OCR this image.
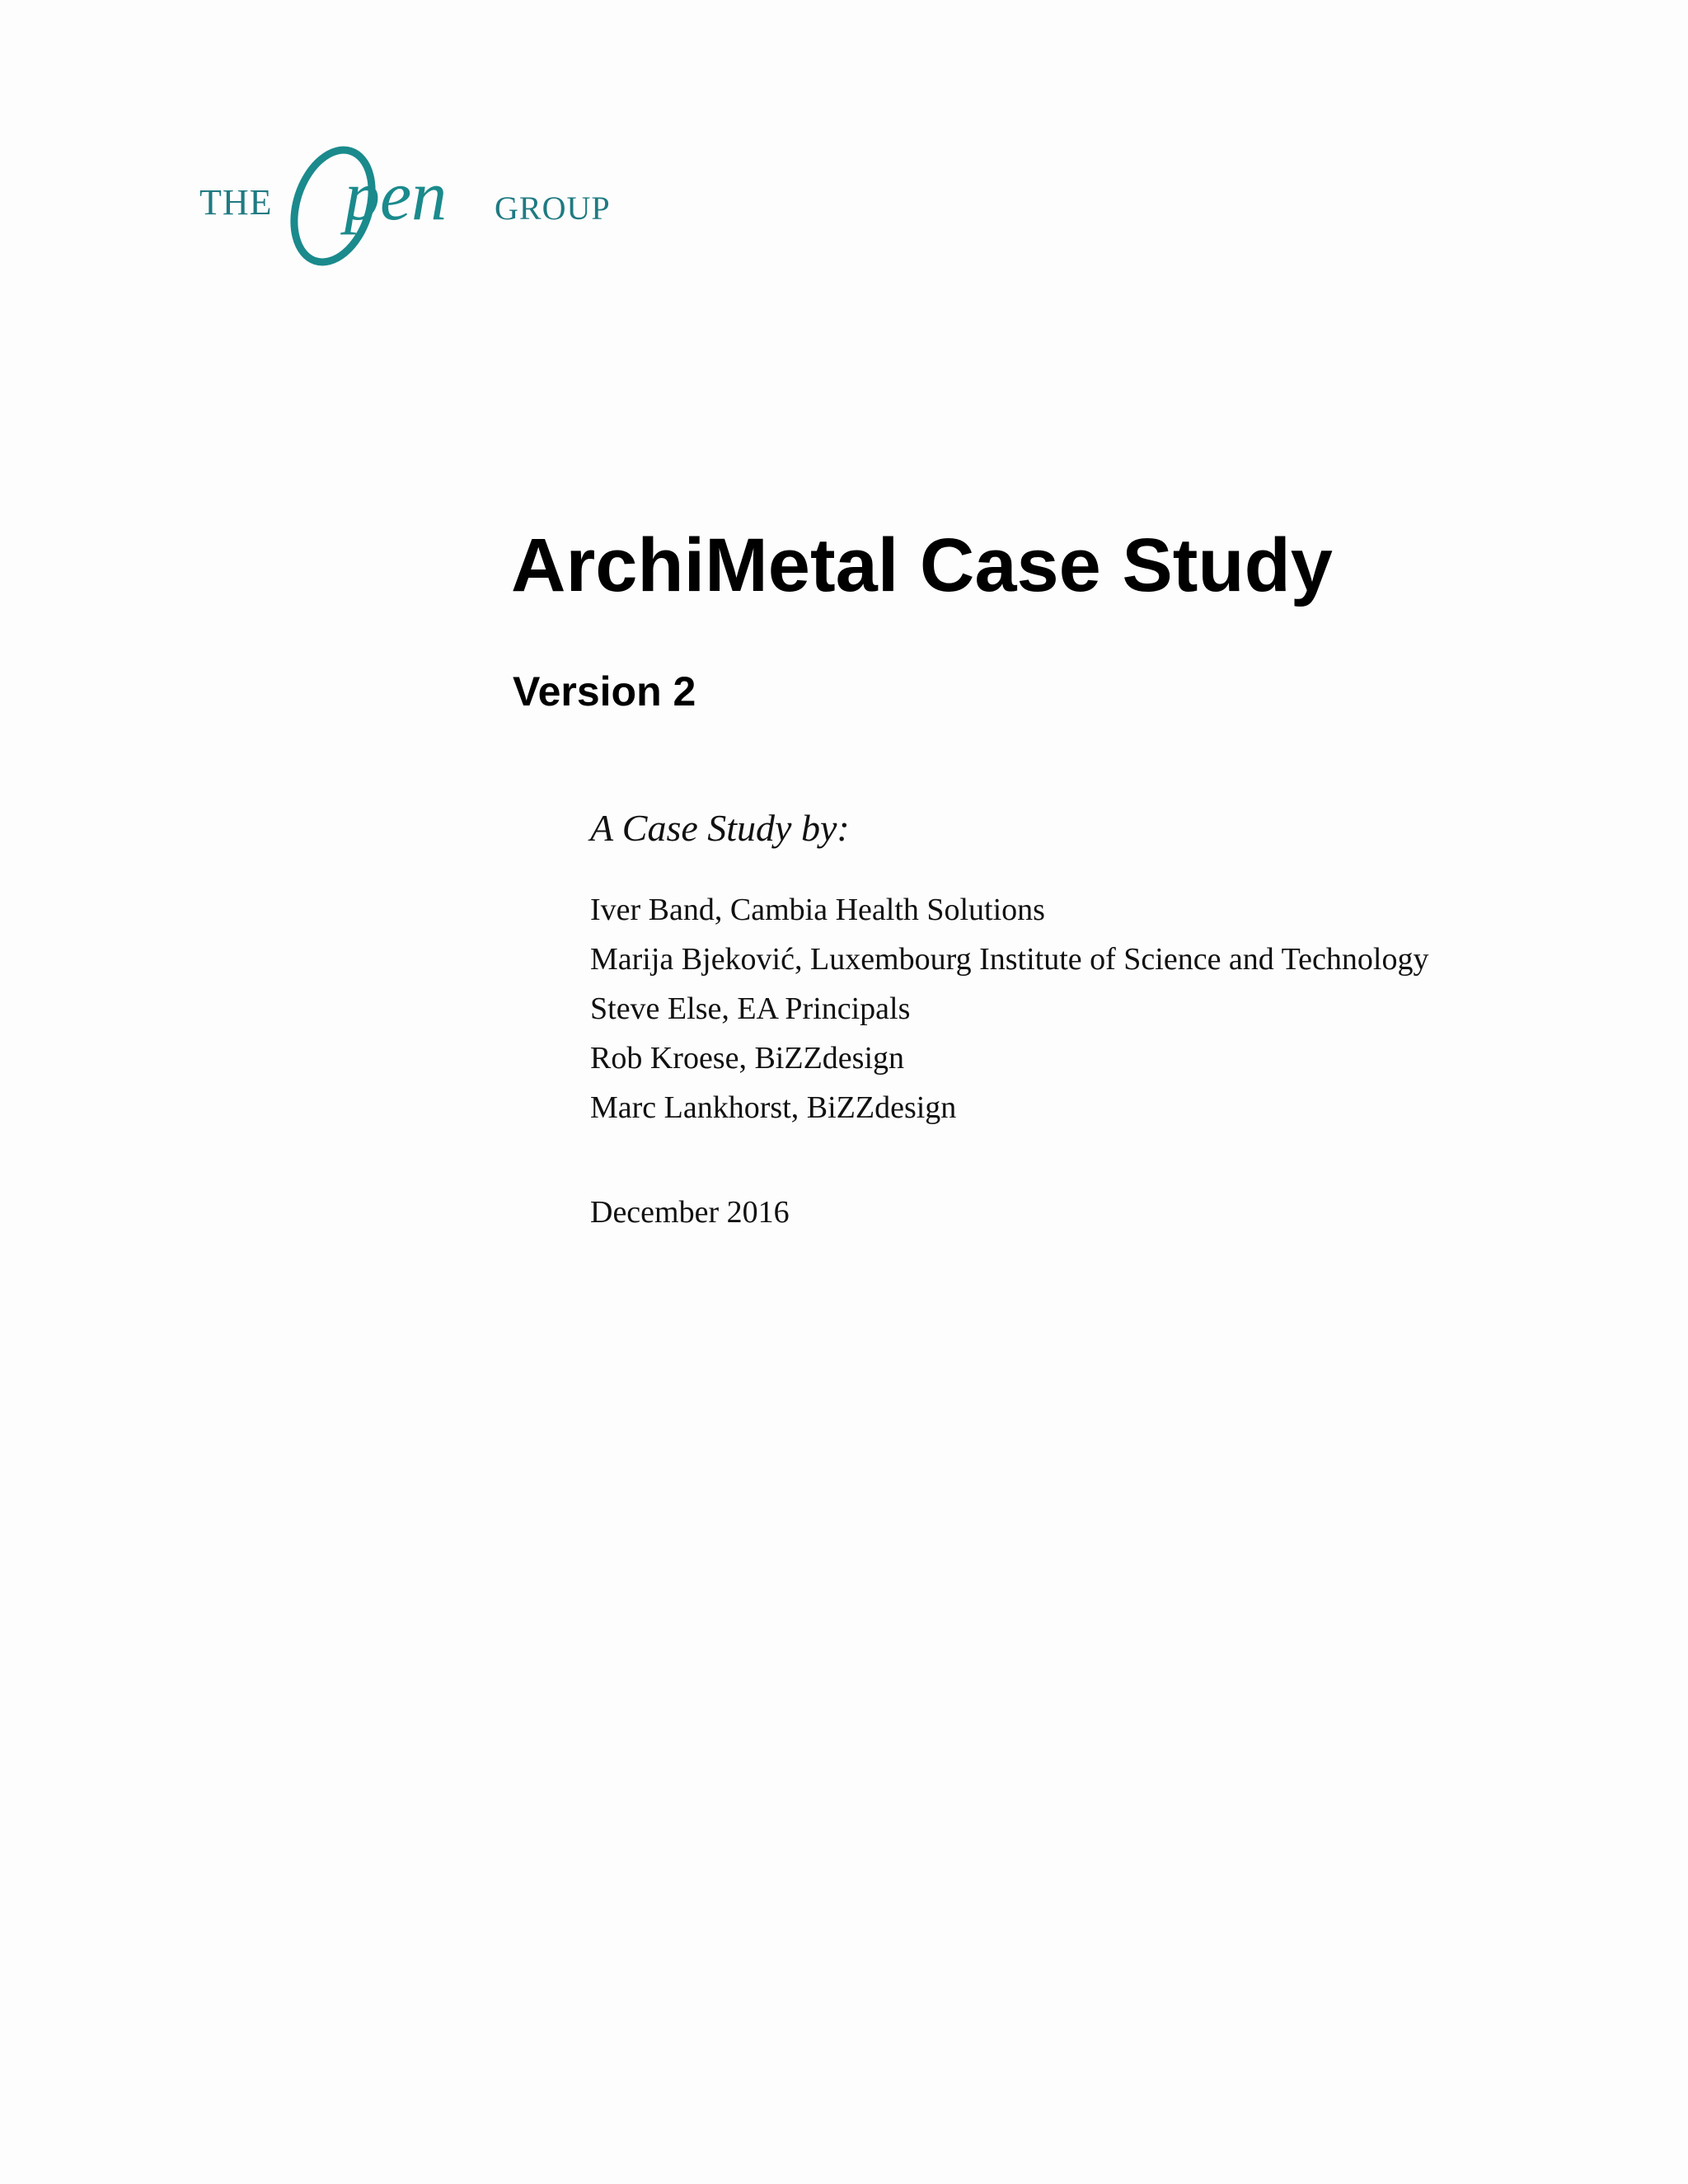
THE pen GROUP
ArchiMetal Case Study
Version 2

A Case Study by:

Iver Band, Cambia Health Solutions
Marija Bjeković, Luxembourg Institute of Science and Technology
Steve Else, EA Principals
Rob Kroese, BiZZdesign
Marc Lankhorst, BiZZdesign
December 2016
